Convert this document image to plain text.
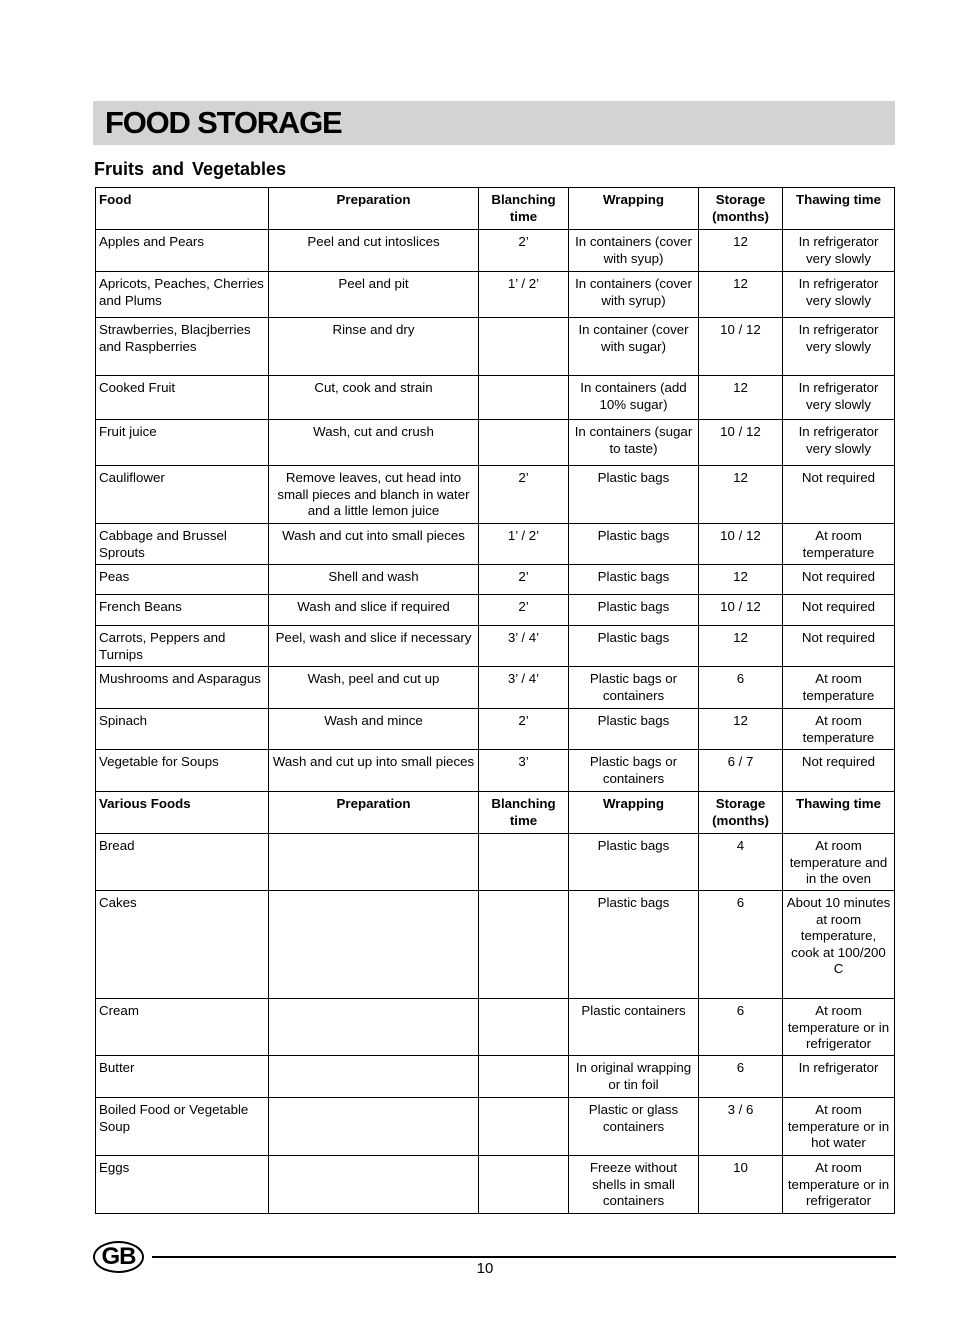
FOOD STORAGE
Fruits and Vegetables
Food	Preparation	Blanching time	Wrapping	Storage (months)	Thawing time
Apples and Pears	Peel and cut intoslices	2’	In containers (cover with syup)	12	In refrigerator very slowly
Apricots, Peaches, Cherries and Plums	Peel and pit	1’ / 2’	In containers (cover with syrup)	12	In refrigerator very slowly
Strawberries, Blacjberries and Raspberries	Rinse and dry		In container (cover with sugar)	10 / 12	In refrigerator very slowly
Cooked Fruit	Cut, cook and strain		In containers (add 10% sugar)	12	In refrigerator very slowly
Fruit juice	Wash, cut and crush		In containers (sugar to taste)	10 / 12	In refrigerator very slowly
Cauliflower	Remove leaves, cut head into small pieces and blanch in water and a little lemon juice	2’	Plastic bags	12	Not required
Cabbage and Brussel Sprouts	Wash and cut into small pieces	1’ / 2’	Plastic bags	10 / 12	At room temperature
Peas	Shell and wash	2’	Plastic bags	12	Not required
French Beans	Wash and slice if required	2’	Plastic bags	10 / 12	Not required
Carrots, Peppers and Turnips	Peel, wash and slice if necessary	3’ / 4’	Plastic bags	12	Not required
Mushrooms and Asparagus	Wash, peel and cut up	3’ / 4’	Plastic bags or containers	6	At room temperature
Spinach	Wash and mince	2’	Plastic bags	12	At room temperature
Vegetable for Soups	Wash and cut up into small pieces	3’	Plastic bags or containers	6 / 7	Not required
Various Foods	Preparation	Blanching time	Wrapping	Storage (months)	Thawing time
Bread			Plastic bags	4	At room temperature and in the oven
Cakes			Plastic bags	6	About 10 minutes at room temperature, cook at 100/200 C
Cream			Plastic containers	6	At room temperature or in refrigerator
Butter			In original wrapping or tin foil	6	In refrigerator
Boiled Food or Vegetable Soup			Plastic or glass containers	3 / 6	At room temperature or in hot water
Eggs			Freeze without shells in small containers	10	At room temperature or in refrigerator
GB	10
